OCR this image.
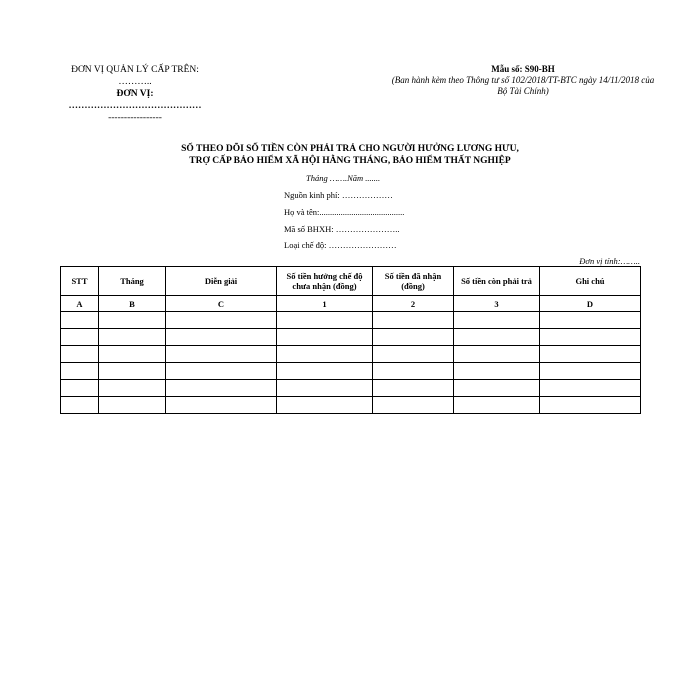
ĐƠN VỊ QUẢN LÝ CẤP TRÊN:
………..
ĐƠN VỊ:
……………………………………
-----------------
Mẫu số: S90-BH
(Ban hành kèm theo Thông tư số 102/2018/TT-BTC ngày 14/11/2018 của Bộ Tài Chính)
SỔ THEO DÕI SỐ TIỀN CÒN PHẢI TRẢ CHO NGƯỜI HƯỞNG LƯƠNG HƯU,
TRỢ CẤP BẢO HIỂM XÃ HỘI HẰNG THÁNG, BẢO HIỂM THẤT NGHIỆP
Tháng …….Năm .......
Nguồn kinh phí: ………………
Họ và tên:........................................
Mã số BHXH: …………………..
Loại chế độ: ……………………
Đơn vị tính:……..
STT	Tháng	Diễn giải	Số tiền hưởng chế độ chưa nhận (đồng)	Số tiền đã nhận (đồng)	Số tiền còn phải trả	Ghi chú
A	B	C	1	2	3	D
